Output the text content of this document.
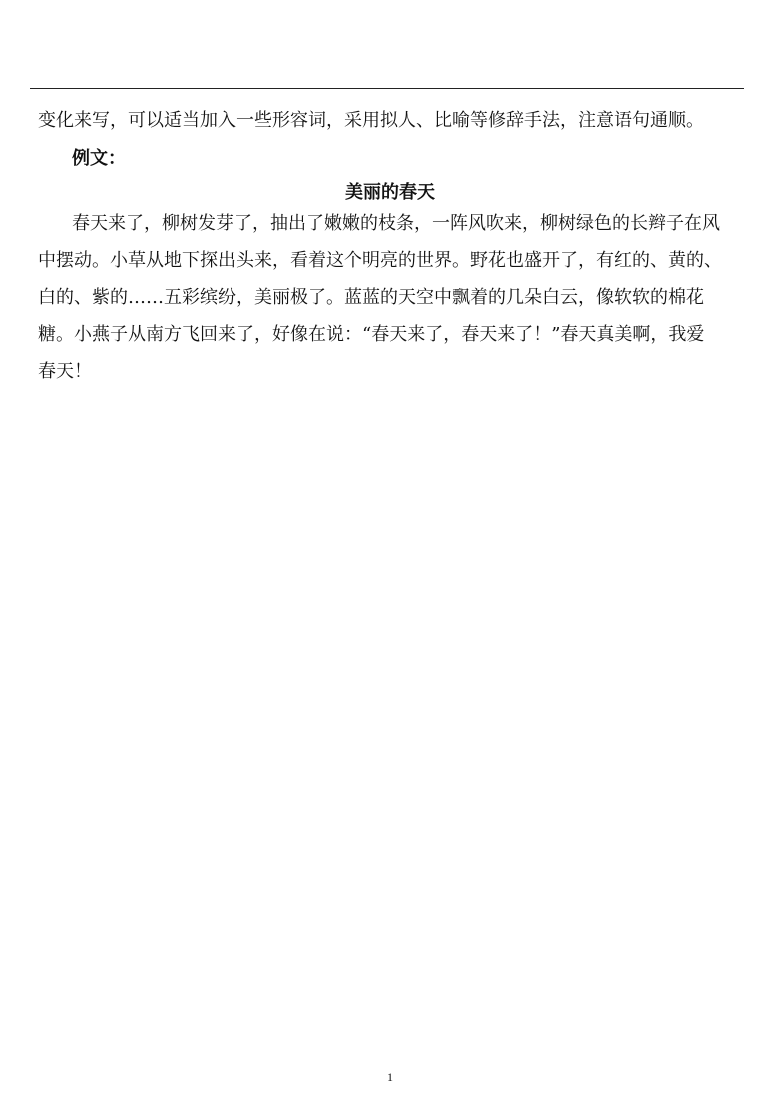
变化来写，可以适当加入一些形容词，采用拟人、比喻等修辞手法，注意语句通顺。
例文：
美丽的春天
春天来了，柳树发芽了，抽出了嫩嫩的枝条，一阵风吹来，柳树绿色的长辫子在风
中摆动。小草从地下探出头来，看着这个明亮的世界。野花也盛开了，有红的、黄的、
白的、紫的……五彩缤纷，美丽极了。蓝蓝的天空中飘着的几朵白云，像软软的棉花
糖。小燕子从南方飞回来了，好像在说：“春天来了，春天来了！”春天真美啊，我爱
春天！
1
